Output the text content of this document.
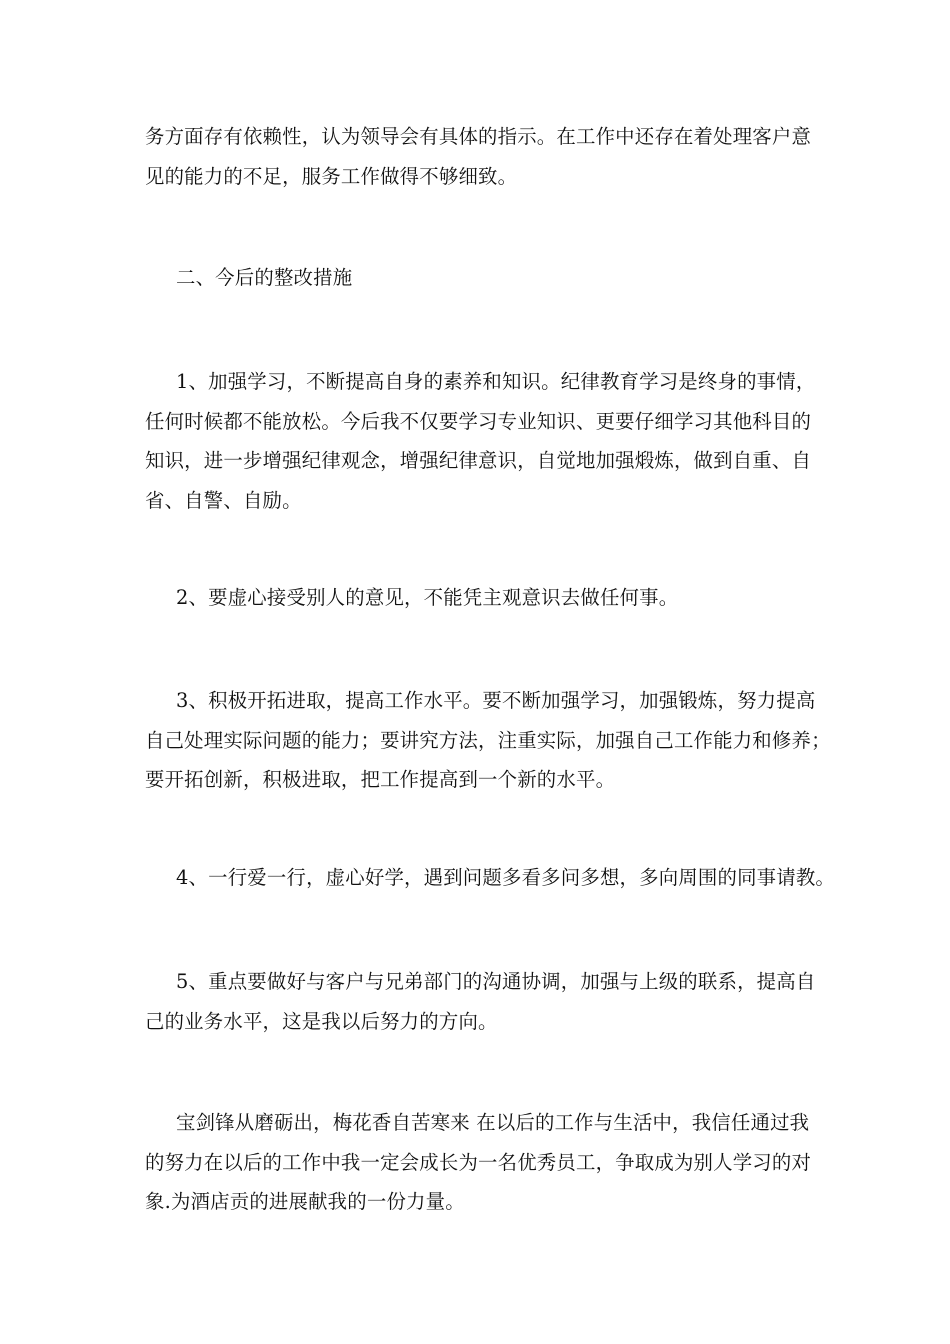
务方面存有依赖性，认为领导会有具体的指示。在工作中还存在着处理客户意
见的能力的不足，服务工作做得不够细致。

二、今后的整改措施

1、加强学习，不断提高自身的素养和知识。纪律教育学习是终身的事情，
任何时候都不能放松。今后我不仅要学习专业知识、更要仔细学习其他科目的
知识，进一步增强纪律观念，增强纪律意识，自觉地加强煅炼，做到自重、自
省、自警、自励。

2、要虚心接受别人的意见，不能凭主观意识去做任何事。

3、积极开拓进取，提高工作水平。要不断加强学习，加强锻炼，努力提高
自己处理实际问题的能力；要讲究方法，注重实际，加强自己工作能力和修养；
要开拓创新，积极进取，把工作提高到一个新的水平。

4、一行爱一行，虚心好学，遇到问题多看多问多想，多向周围的同事请教。

5、重点要做好与客户与兄弟部门的沟通协调，加强与上级的联系，提高自
己的业务水平，这是我以后努力的方向。

宝剑锋从磨砺出，梅花香自苦寒来 在以后的工作与生活中，我信任通过我
的努力在以后的工作中我一定会成长为一名优秀员工，争取成为别人学习的对
象.为酒店贡的进展献我的一份力量。
